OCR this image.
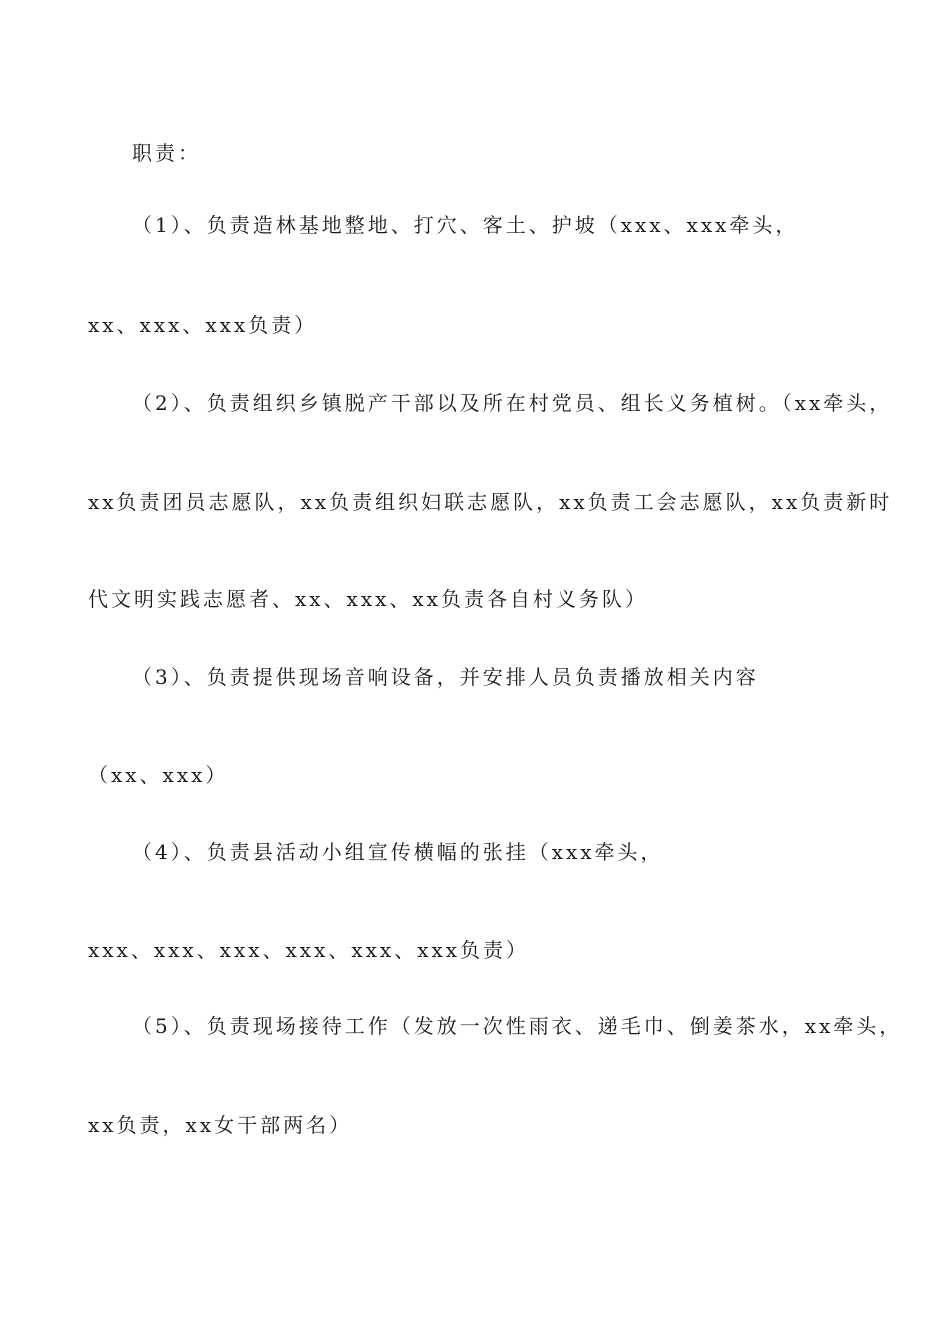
职责：
（1）、负责造林基地整地、打穴、客土、护坡（xxx、xxx牵头，
xx、xxx、xxx负责）
（2）、负责组织乡镇脱产干部以及所在村党员、组长义务植树。（xx牵头，
xx负责团员志愿队，xx负责组织妇联志愿队，xx负责工会志愿队，xx负责新时
代文明实践志愿者、xx、xxx、xx负责各自村义务队）
（3）、负责提供现场音响设备，并安排人员负责播放相关内容
（xx、xxx）
（4）、负责县活动小组宣传横幅的张挂（xxx牵头，
xxx、xxx、xxx、xxx、xxx、xxx负责）
（5）、负责现场接待工作（发放一次性雨衣、递毛巾、倒姜茶水，xx牵头，
xx负责，xx女干部两名）
